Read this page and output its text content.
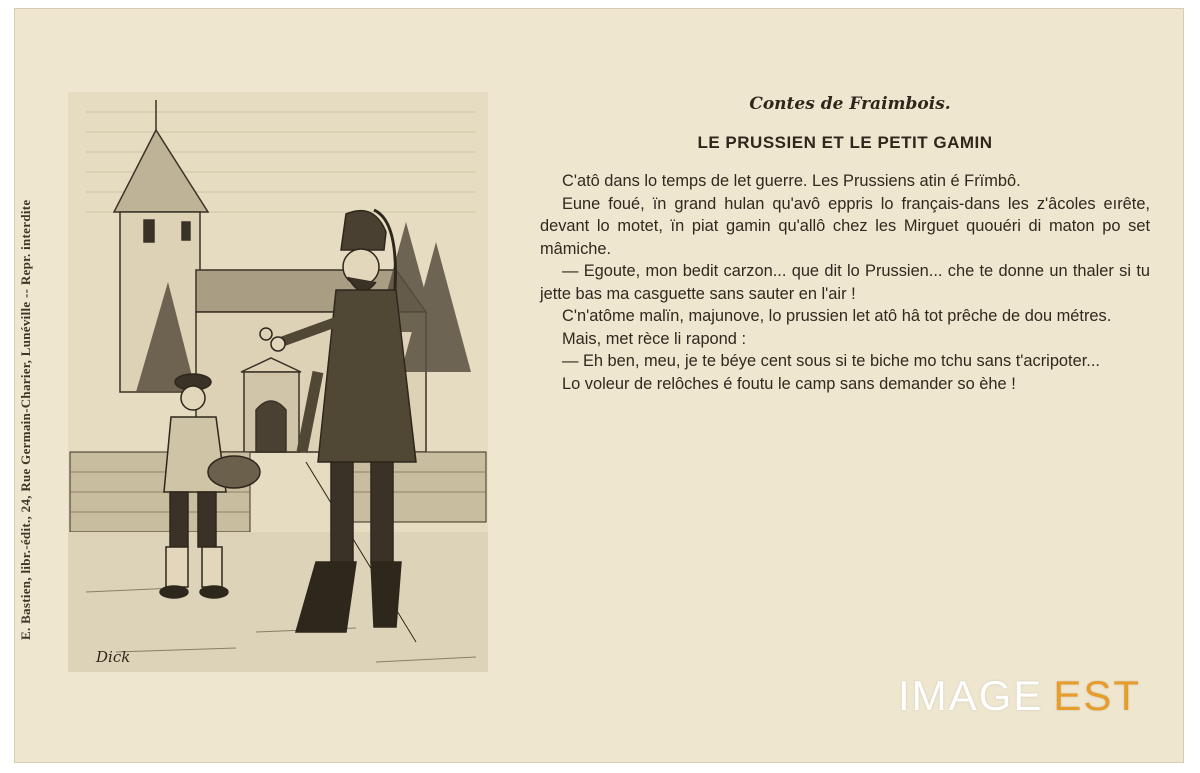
E. Bastien, libr.-édit., 24, Rue Germain-Charier, Lunéville -- Repr. interdite
Dick
Contes de Fraimbois.
LE PRUSSIEN ET LE PETIT GAMIN

C'atô dans lo temps de let guerre. Les Prussiens atin é Frïmbô.

Eune foué, ïn grand hulan qu'avô eppris lo français-dans les z'âcoles eırête, devant lo motet, ïn piat gamin qu'allô chez les Mirguet quouéri di maton po set mâmiche.

— Egoute, mon bedit carzon... que dit lo Prussien... che te donne un thaler si tu jette bas ma casguette sans sauter en l'air !

C'n'atôme malïn, majunove, lo prussien let atô hâ tot prêche de dou métres.

Mais, met rèce li rapond :

— Eh ben, meu, je te béye cent sous si te biche mo tchu sans t'acripoter...

Lo voleur de relôches é foutu le camp sans demander so èhe !

IMAGE EST
